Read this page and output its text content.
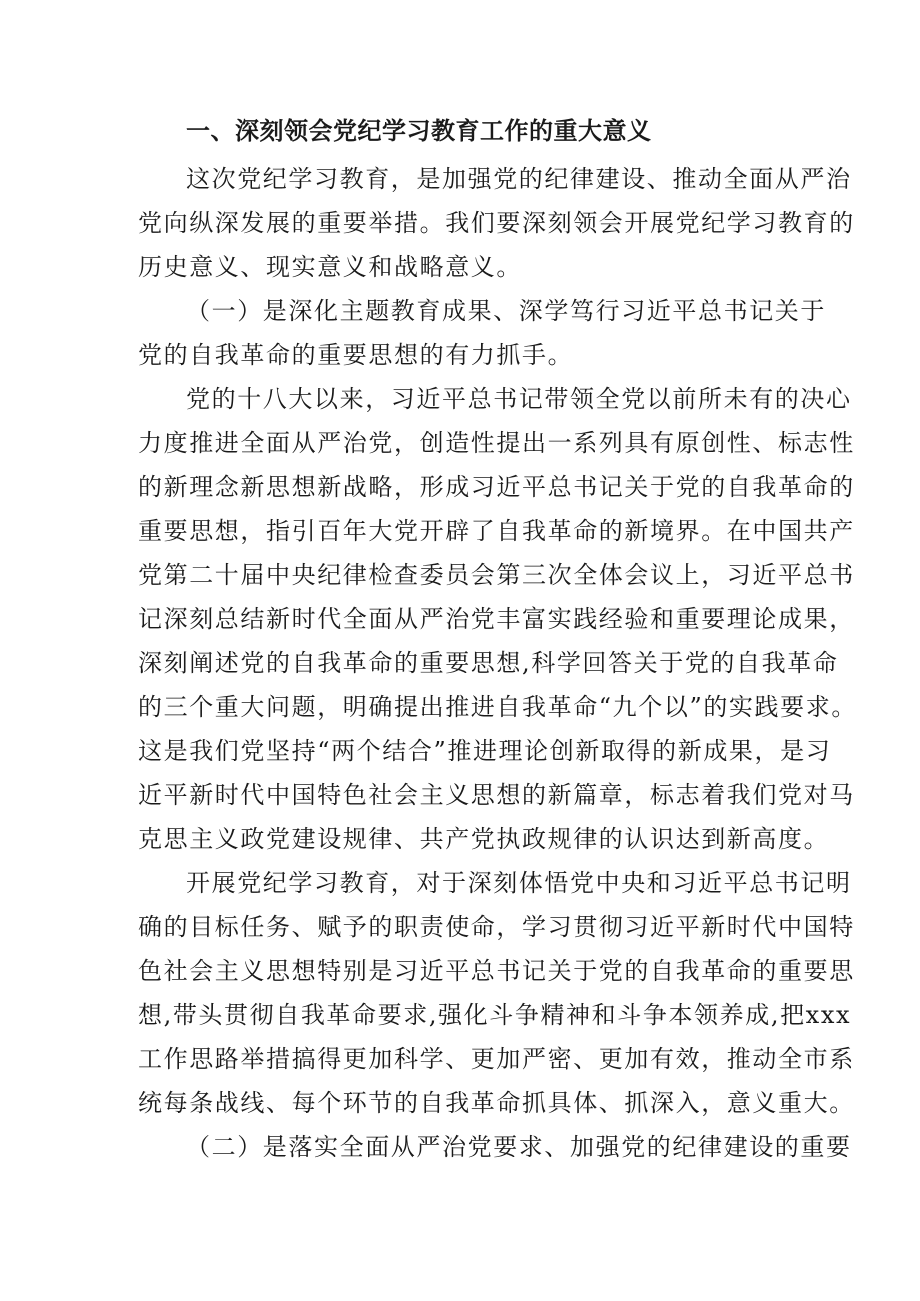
一、深刻领会党纪学习教育工作的重大意义
这次党纪学习教育，是加强党的纪律建设、推动全面从严治
党向纵深发展的重要举措。我们要深刻领会开展党纪学习教育的
历史意义、现实意义和战略意义。
（一）是深化主题教育成果、深学笃行习近平总书记关于
党的自我革命的重要思想的有力抓手。
党的十八大以来，习近平总书记带领全党以前所未有的决心
力度推进全面从严治党，创造性提出一系列具有原创性、标志性
的新理念新思想新战略，形成习近平总书记关于党的自我革命的
重要思想，指引百年大党开辟了自我革命的新境界。在中国共产
党第二十届中央纪律检查委员会第三次全体会议上，习近平总书
记深刻总结新时代全面从严治党丰富实践经验和重要理论成果，
深刻阐述党的自我革命的重要思想,科学回答关于党的自我革命
的三个重大问题，明确提出推进自我革命“九个以”的实践要求。
这是我们党坚持“两个结合”推进理论创新取得的新成果，是习
近平新时代中国特色社会主义思想的新篇章，标志着我们党对马
克思主义政党建设规律、共产党执政规律的认识达到新高度。
开展党纪学习教育，对于深刻体悟党中央和习近平总书记明
确的目标任务、赋予的职责使命，学习贯彻习近平新时代中国特
色社会主义思想特别是习近平总书记关于党的自我革命的重要思
想,带头贯彻自我革命要求,强化斗争精神和斗争本领养成,把xxx
工作思路举措搞得更加科学、更加严密、更加有效，推动全市系
统每条战线、每个环节的自我革命抓具体、抓深入，意义重大。
（二）是落实全面从严治党要求、加强党的纪律建设的重要
